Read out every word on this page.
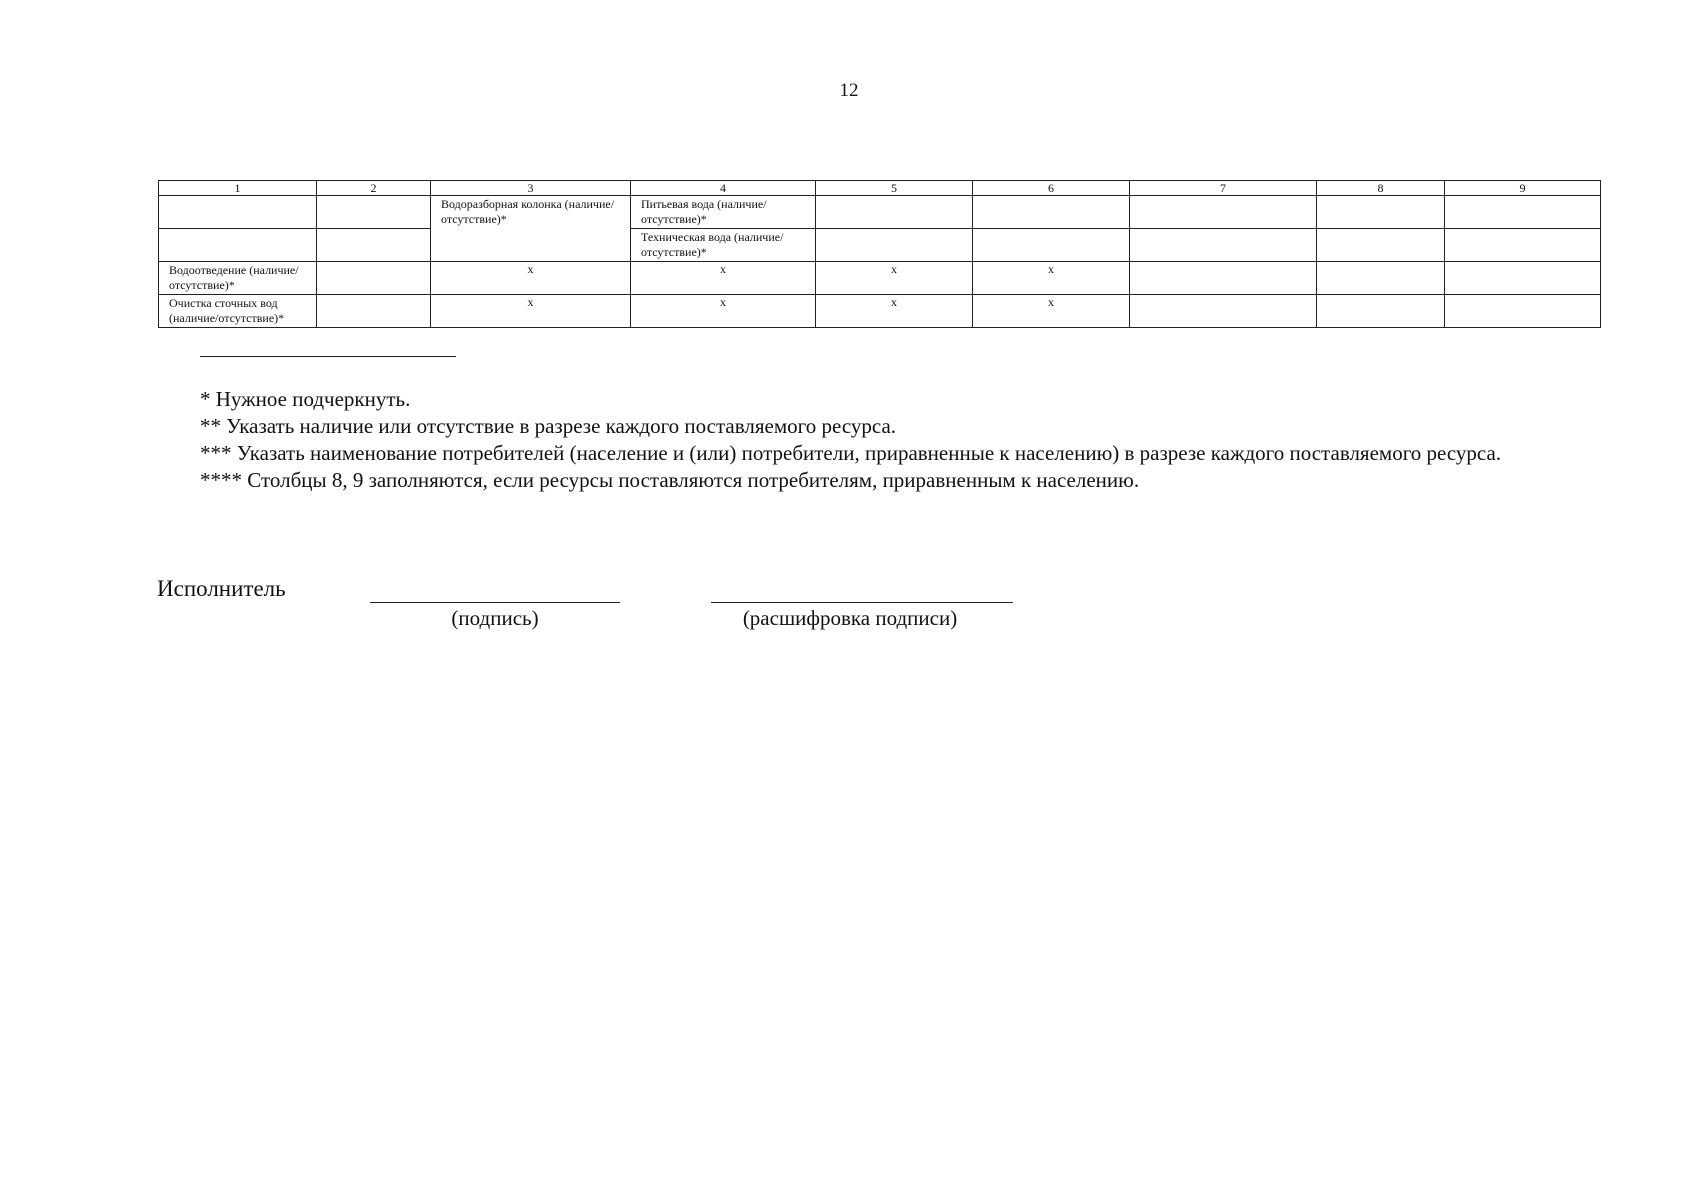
12
1	2	3	4	5	6	7	8	9
		Водоразборная колонка (наличие/отсутствие)*	Питьевая вода (наличие/отсутствие)*					
			Техническая вода (наличие/отсутствие)*					
Водоотведение (наличие/отсутствие)*		x	x	x	x			
Очистка сточных вод (наличие/отсутствие)*		x	x	x	x			

* Нужное подчеркнуть.

** Указать наличие или отсутствие в разрезе каждого поставляемого ресурса.

*** Указать наименование потребителей (население и (или) потребители, приравненные к населению) в разрезе каждого поставляемого ресурса.

**** Столбцы 8, 9 заполняются, если ресурсы поставляются потребителям, приравненным к населению.

Исполнитель
(подпись)	(расшифровка подписи)
